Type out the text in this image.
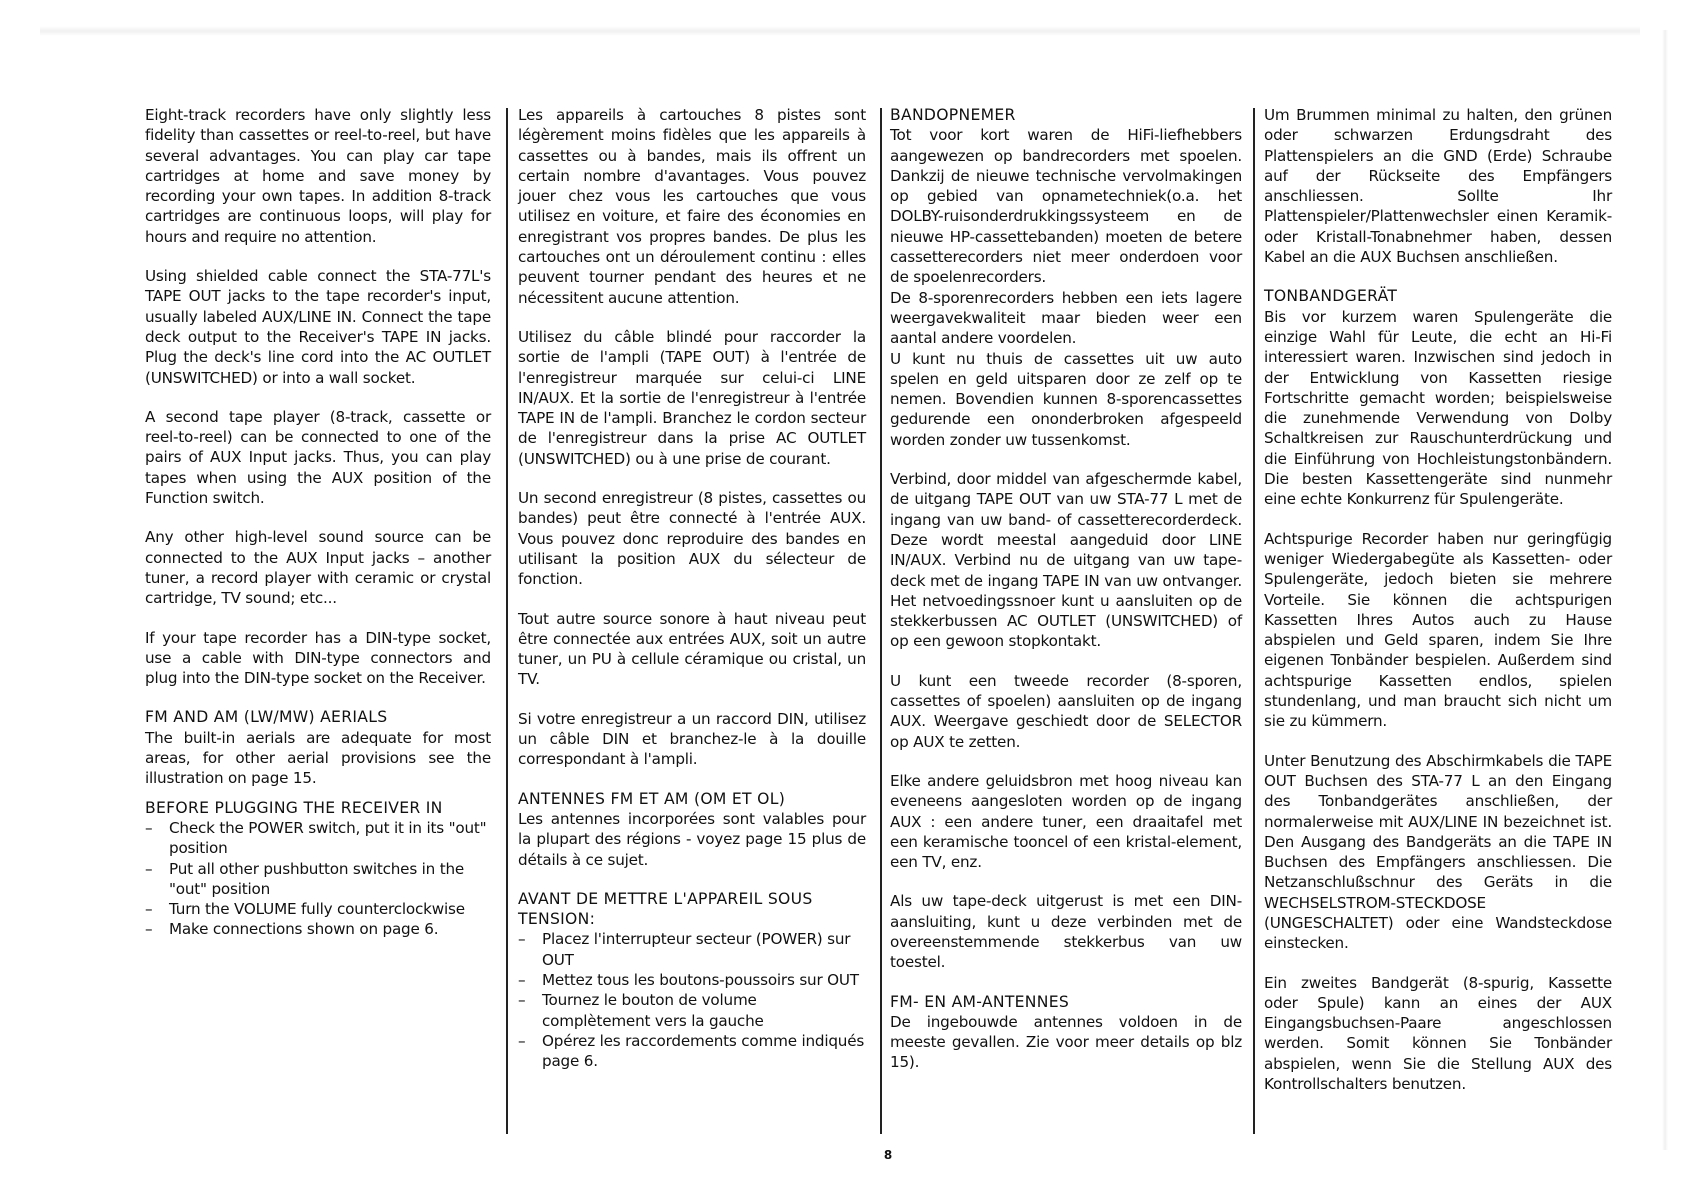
Eight-track recorders have only slightly less fidelity than cassettes or reel-to-reel, but have several advantages. You can play car tape cartridges at home and save money by recording your own tapes. In addition 8-track cartridges are continuous loops, will play for hours and require no attention.

Using shielded cable connect the STA-77L's TAPE OUT jacks to the tape recorder's input, usually labeled AUX/LINE IN. Connect the tape deck output to the Receiver's TAPE IN jacks. Plug the deck's line cord into the AC OUTLET (UNSWITCHED) or into a wall socket.

A second tape player (8-track, cassette or reel-to-reel) can be connected to one of the pairs of AUX Input jacks. Thus, you can play tapes when using the AUX position of the Function switch.

Any other high-level sound source can be connected to the AUX Input jacks – another tuner, a record player with ceramic or crystal cartridge, TV sound; etc...

If your tape recorder has a DIN-type socket, use a cable with DIN-type connectors and plug into the DIN-type socket on the Receiver.

FM AND AM (LW/MW) AERIALS

The built-in aerials are adequate for most areas, for other aerial provisions see the illustration on page 15.

BEFORE PLUGGING THE RECEIVER IN
– Check the POWER switch, put it in its "out" position
– Put all other pushbutton switches in the "out" position
– Turn the VOLUME fully counterclockwise
– Make connections shown on page 6.

Les appareils à cartouches 8 pistes sont légèrement moins fidèles que les appareils à cassettes ou à bandes, mais ils offrent un certain nombre d'avantages. Vous pouvez jouer chez vous les cartouches que vous utilisez en voiture, et faire des économies en enregistrant vos propres bandes. De plus les cartouches ont un déroulement continu : elles peuvent tourner pendant des heures et ne nécessitent aucune attention.

Utilisez du câble blindé pour raccorder la sortie de l'ampli (TAPE OUT) à l'entrée de l'enregistreur marquée sur celui-ci LINE IN/AUX. Et la sortie de l'enregistreur à l'entrée TAPE IN de l'ampli. Branchez le cordon secteur de l'enregistreur dans la prise AC OUTLET (UNSWITCHED) ou à une prise de courant.

Un second enregistreur (8 pistes, cassettes ou bandes) peut être connecté à l'entrée AUX. Vous pouvez donc reproduire des bandes en utilisant la position AUX du sélecteur de fonction.

Tout autre source sonore à haut niveau peut être connectée aux entrées AUX, soit un autre tuner, un PU à cellule céramique ou cristal, un TV.

Si votre enregistreur a un raccord DIN, utilisez un câble DIN et branchez-le à la douille correspondant à l'ampli.

ANTENNES FM ET AM (OM ET OL)

Les antennes incorporées sont valables pour la plupart des régions - voyez page 15 plus de détails à ce sujet.

AVANT DE METTRE L'APPAREIL SOUS TENSION:
– Placez l'interrupteur secteur (POWER) sur OUT
– Mettez tous les boutons-poussoirs sur OUT
– Tournez le bouton de volume complètement vers la gauche
– Opérez les raccordements comme indiqués page 6.
BANDOPNEMER

Tot voor kort waren de HiFi-liefhebbers aangewezen op bandrecorders met spoelen. Dankzij de nieuwe technische vervolmakingen op gebied van opnametechniek(o.a. het DOLBY-ruisonderdrukkingssysteem en de nieuwe HP-cassettebanden) moeten de betere cassetterecorders niet meer onderdoen voor de spoelenrecorders.

De 8-sporenrecorders hebben een iets lagere weergavekwaliteit maar bieden weer een aantal andere voordelen.

U kunt nu thuis de cassettes uit uw auto spelen en geld uitsparen door ze zelf op te nemen. Bovendien kunnen 8-sporencassettes gedurende een ononderbroken afgespeeld worden zonder uw tussenkomst.

Verbind, door middel van afgeschermde kabel, de uitgang TAPE OUT van uw STA-77 L met de ingang van uw band- of cassetterecorderdeck. Deze wordt meestal aangeduid door LINE IN/AUX. Verbind nu de uitgang van uw tape-deck met de ingang TAPE IN van uw ontvanger. Het netvoedingssnoer kunt u aansluiten op de stekkerbussen AC OUTLET (UNSWITCHED) of op een gewoon stopkontakt.

U kunt een tweede recorder (8-sporen, cassettes of spoelen) aansluiten op de ingang AUX. Weergave geschiedt door de SELECTOR op AUX te zetten.

Elke andere geluidsbron met hoog niveau kan eveneens aangesloten worden op de ingang AUX : een andere tuner, een draaitafel met een keramische tooncel of een kristal-element, een TV, enz.

Als uw tape-deck uitgerust is met een DIN-aansluiting, kunt u deze verbinden met de overeenstemmende stekkerbus van uw toestel.

FM- EN AM-ANTENNES

De ingebouwde antennes voldoen in de meeste gevallen. Zie voor meer details op blz 15).

Um Brummen minimal zu halten, den grünen oder schwarzen Erdungsdraht des Plattenspielers an die GND (Erde) Schraube auf der Rückseite des Empfängers anschliessen. Sollte Ihr Plattenspieler/Plattenwechsler einen Keramik- oder Kristall-Tonabnehmer haben, dessen Kabel an die AUX Buchsen anschließen.

TONBANDGERÄT

Bis vor kurzem waren Spulengeräte die einzige Wahl für Leute, die echt an Hi-Fi interessiert waren. Inzwischen sind jedoch in der Entwicklung von Kassetten riesige Fortschritte gemacht worden; beispielsweise die zunehmende Verwendung von Dolby Schaltkreisen zur Rauschunterdrückung und die Einführung von Hochleistungstonbändern. Die besten Kassettengeräte sind nunmehr eine echte Konkurrenz für Spulengeräte.

Achtspurige Recorder haben nur geringfügig weniger Wiedergabegüte als Kassetten- oder Spulengeräte, jedoch bieten sie mehrere Vorteile. Sie können die achtspurigen Kassetten Ihres Autos auch zu Hause abspielen und Geld sparen, indem Sie Ihre eigenen Tonbänder bespielen. Außerdem sind achtspurige Kassetten endlos, spielen stundenlang, und man braucht sich nicht um sie zu kümmern.

Unter Benutzung des Abschirmkabels die TAPE OUT Buchsen des STA-77 L an den Eingang des Tonbandgerätes anschließen, der normalerweise mit AUX/LINE IN bezeichnet ist. Den Ausgang des Bandgeräts an die TAPE IN Buchsen des Empfängers anschliessen. Die Netzanschlußschnur des Geräts in die WECHSELSTROM-STECKDOSE (UNGESCHALTET) oder eine Wandsteckdose einstecken.

Ein zweites Bandgerät (8-spurig, Kassette oder Spule) kann an eines der AUX Eingangsbuchsen-Paare angeschlossen werden. Somit können Sie Tonbänder abspielen, wenn Sie die Stellung AUX des Kontrollschalters benutzen.

8
